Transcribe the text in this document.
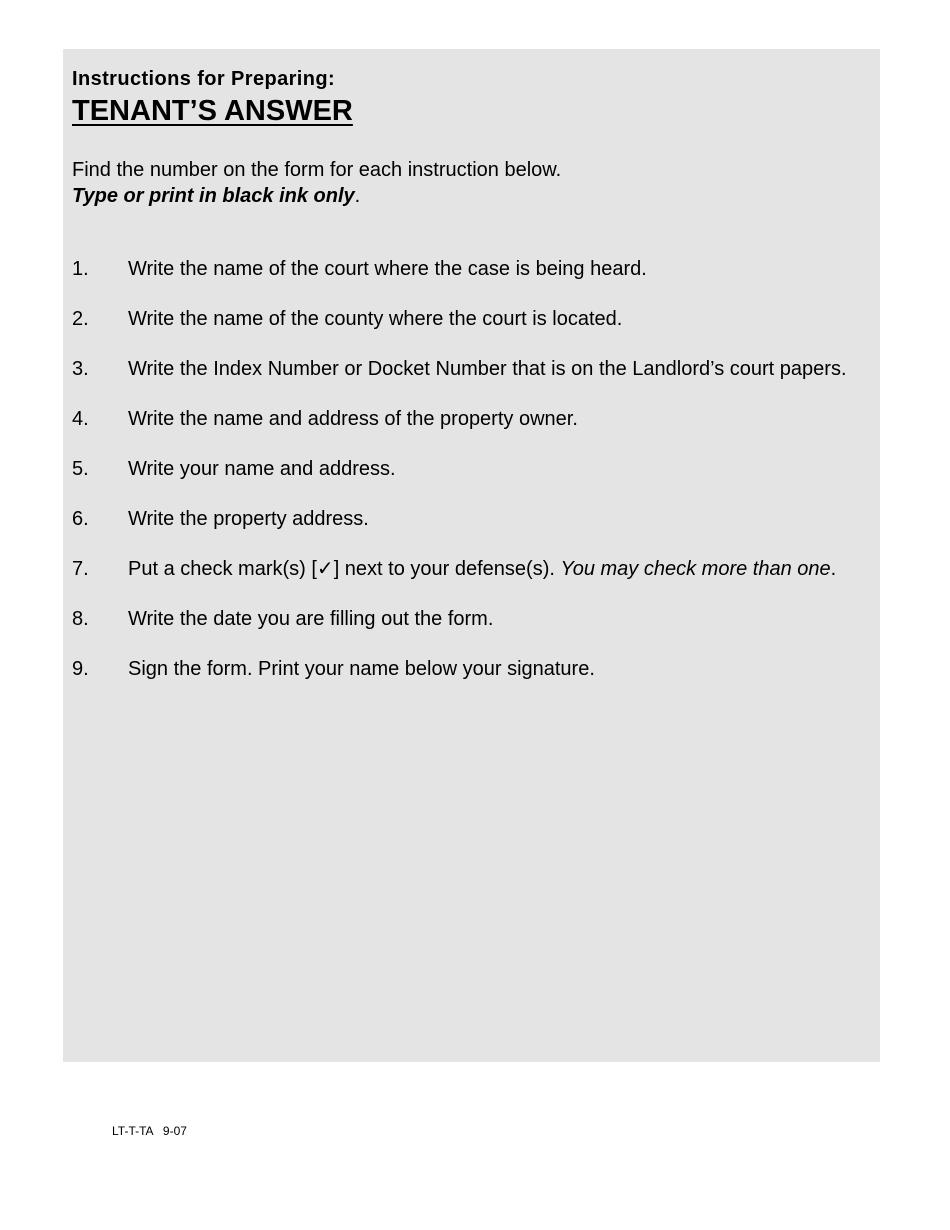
Instructions for Preparing:
TENANT’S ANSWER
Find the number on the form for each instruction below.
Type or print in black ink only.
1.	Write the name of the court where the case is being heard.
2.	Write the name of the county where the court is located.
3.	Write the Index Number or Docket Number that is on the Landlord’s court papers.
4.	Write the name and address of the property owner.
5.	Write your name and address.
6.	Write the property address.
7.	Put a check mark(s) [✓] next to your defense(s). You may check more than one.
8.	Write the date you are filling out the form.
9.	Sign the form. Print your name below your signature.
LT-T-TA   9-07
